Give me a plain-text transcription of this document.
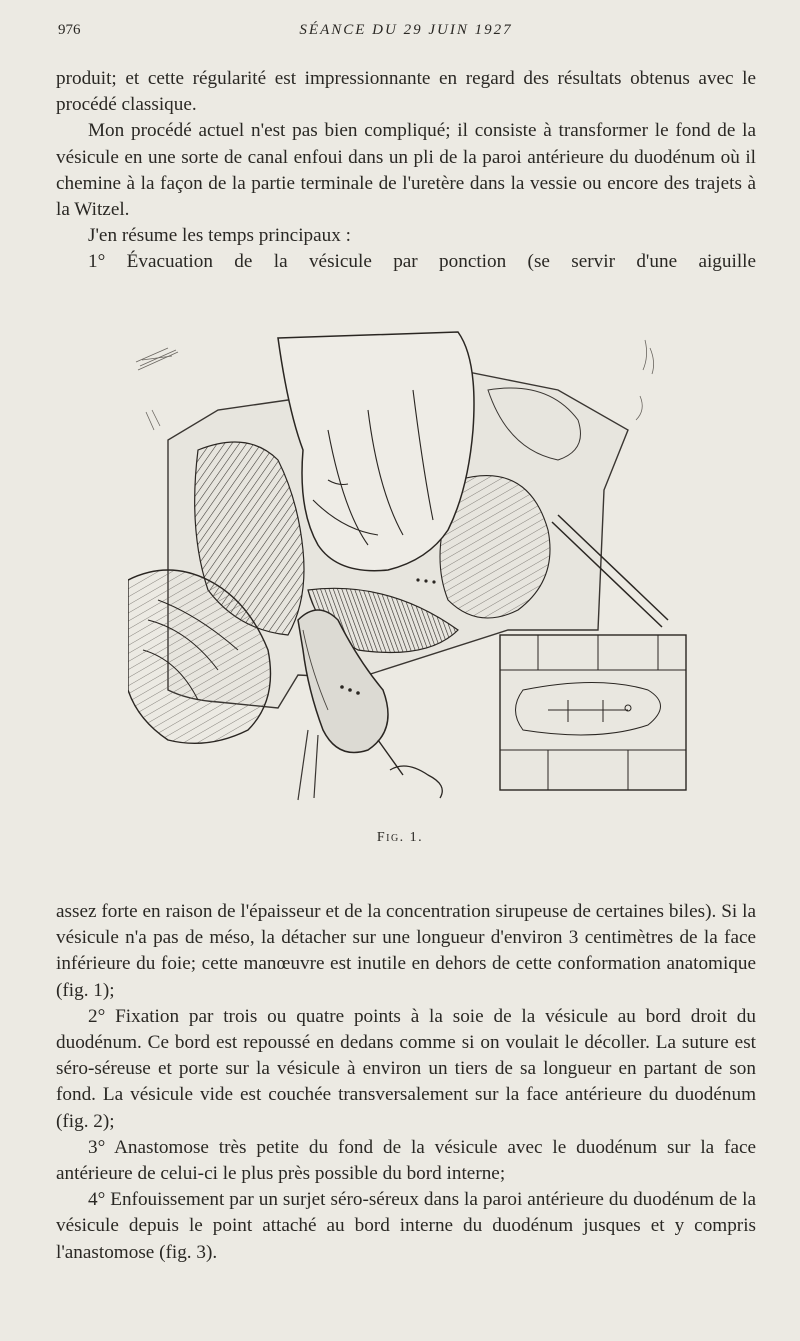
976	SÉANCE DU 29 JUIN 1927

produit; et cette régularité est impressionnante en regard des résultats obtenus avec le procédé classique.

Mon procédé actuel n'est pas bien compliqué; il consiste à transformer le fond de la vésicule en une sorte de canal enfoui dans un pli de la paroi antérieure du duodénum où il chemine à la façon de la partie terminale de l'uretère dans la vessie ou encore des trajets à la Witzel.

J'en résume les temps principaux :

1° Évacuation de la vésicule par ponction (se servir d'une aiguille

Fig. 1.

assez forte en raison de l'épaisseur et de la concentration sirupeuse de certaines biles). Si la vésicule n'a pas de méso, la détacher sur une longueur d'environ 3 centimètres de la face inférieure du foie; cette manœuvre est inutile en dehors de cette conformation anatomique (fig. 1);

2° Fixation par trois ou quatre points à la soie de la vésicule au bord droit du duodénum. Ce bord est repoussé en dedans comme si on voulait le décoller. La suture est séro-séreuse et porte sur la vésicule à environ un tiers de sa longueur en partant de son fond. La vésicule vide est couchée transversalement sur la face antérieure du duodénum (fig. 2);

3° Anastomose très petite du fond de la vésicule avec le duodénum sur la face antérieure de celui-ci le plus près possible du bord interne;

4° Enfouissement par un surjet séro-séreux dans la paroi antérieure du duodénum de la vésicule depuis le point attaché au bord interne du duodénum jusques et y compris l'anastomose (fig. 3).
